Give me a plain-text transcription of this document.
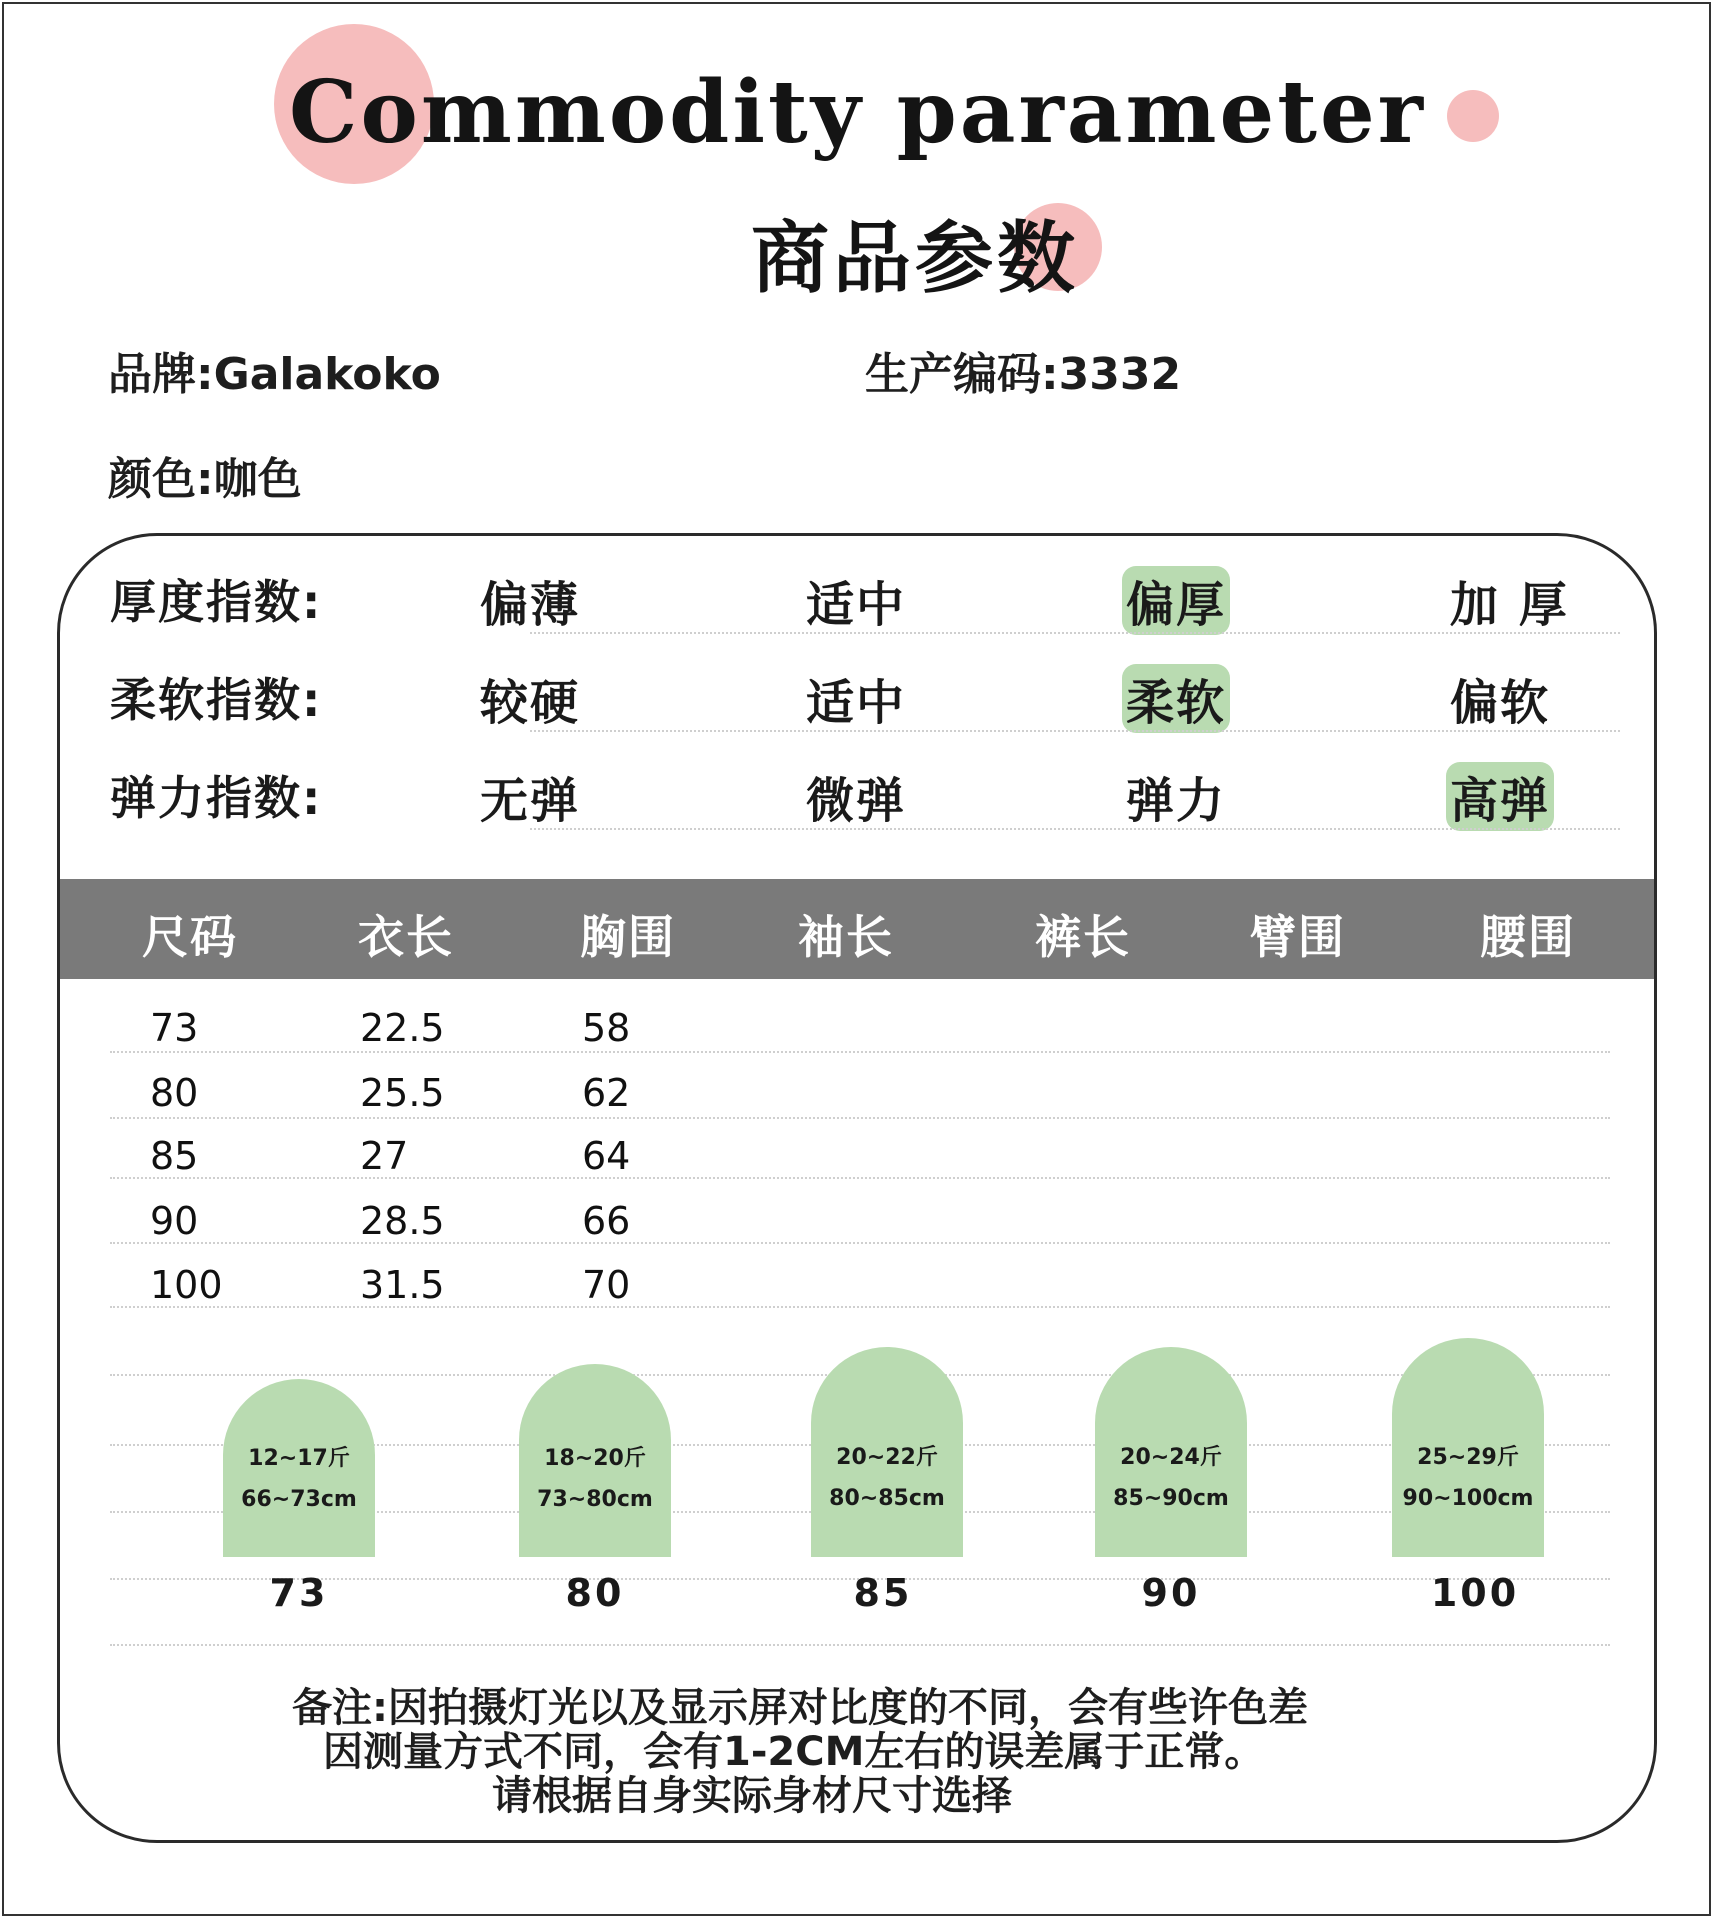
Commodity parameter
商品参数
品牌:Galakoko	生产编码:3332
颜色:咖色
厚度指数:	偏薄	适中	偏厚	加 厚
柔软指数:	较硬	适中	柔软	偏软
弹力指数:	无弹	微弹	弹力	高弹
尺码	衣长	胸围	袖长	裤长	臂围	腰围
73	22.5	58
80	25.5	62
85	27	64
90	28.5	66
100	31.5	70
12~17斤
66~73cm
18~20斤
73~80cm
20~22斤
80~85cm
20~24斤
85~90cm
25~29斤
90~100cm
73	80	85	90	100
备注:因拍摄灯光以及显示屏对比度的不同，会有些许色差
因测量方式不同，会有1-2CM左右的误差属于正常。
请根据自身实际身材尺寸选择
